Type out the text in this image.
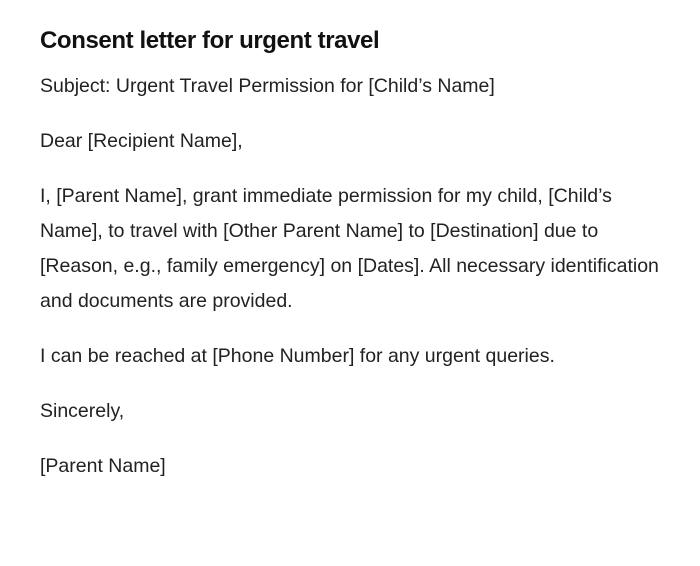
Consent letter for urgent travel

Subject: Urgent Travel Permission for [Child’s Name]

Dear [Recipient Name],

I, [Parent Name], grant immediate permission for my child, [Child’s Name], to travel with [Other Parent Name] to [Destination] due to [Reason, e.g., family emergency] on [Dates]. All necessary identification and documents are provided.

I can be reached at [Phone Number] for any urgent queries.

Sincerely,

[Parent Name]
